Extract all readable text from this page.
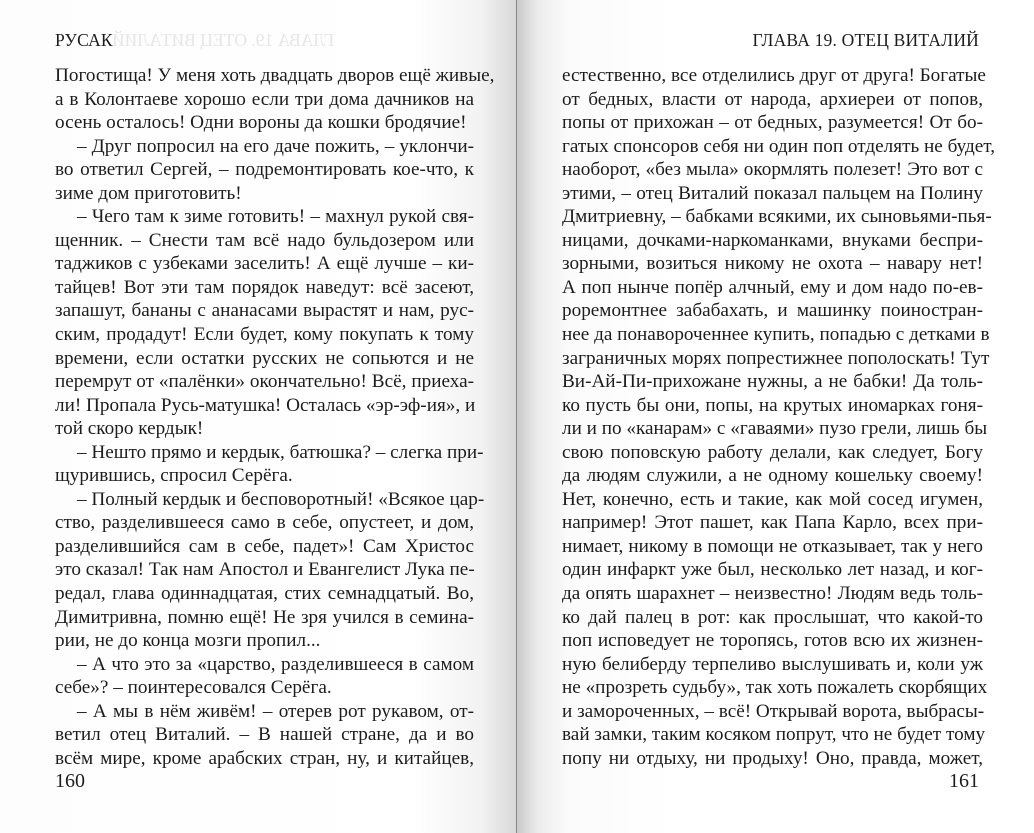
ГЛАВА 19. ОТЕЦ ВИТАЛИЙ
РУСАК
Погостища! У меня хоть двадцать дворов ещё живые,
а в Колонтаеве хорошо если три дома дачников на
осень осталось! Одни вороны да кошки бродячие!
– Друг попросил на его даче пожить, – уклончи-
во ответил Сергей, – подремонтировать кое-что, к
зиме дом приготовить!
– Чего там к зиме готовить! – махнул рукой свя-
щенник. – Снести там всё надо бульдозером или
таджиков с узбеками заселить! А ещё лучше – ки-
тайцев! Вот эти там порядок наведут: всё засеют,
запашут, бананы с ананасами вырастят и нам, рус-
ским, продадут! Если будет, кому покупать к тому
времени, если остатки русских не сопьются и не
перемрут от «палёнки» окончательно! Всё, приеха-
ли! Пропала Русь-матушка! Осталась «эр-эф-ия», и
той скоро кердык!
– Нешто прямо и кердык, батюшка? – слегка при-
щурившись, спросил Серёга.
– Полный кердык и бесповоротный! «Всякое цар-
ство, разделившееся само в себе, опустеет, и дом,
разделившийся сам в себе, падет»! Сам Христос
это сказал! Так нам Апостол и Евангелист Лука пе-
редал, глава одиннадцатая, стих семнадцатый. Во,
Димитривна, помню ещё! Не зря учился в семина-
рии, не до конца мозги пропил...
– А что это за «царство, разделившееся в самом
себе»? – поинтересовался Серёга.
– А мы в нём живём! – отерев рот рукавом, от-
ветил отец Виталий. – В нашей стране, да и во
всём мире, кроме арабских стран, ну, и китайцев,
160
ГЛАВА 19. ОТЕЦ ВИТАЛИЙ
естественно, все отделились друг от друга! Богатые
от бедных, власти от народа, архиереи от попов,
попы от прихожан – от бедных, разумеется! От бо-
гатых спонсоров себя ни один поп отделять не будет,
наоборот, «без мыла» окормлять полезет! Это вот с
этими, – отец Виталий показал пальцем на Полину
Дмитриевну, – бабками всякими, их сыновьями-пья-
ницами, дочками-наркоманками, внуками беспри-
зорными, возиться никому не охота – навару нет!
А поп нынче попёр алчный, ему и дом надо по-ев-
роремонтнее забабахать, и машинку поиностран-
нее да понавороченнее купить, попадью с детками в
заграничных морях попрестижнее пополоскать! Тут
Ви-Ай-Пи-прихожане нужны, а не бабки! Да толь-
ко пусть бы они, попы, на крутых иномарках гоня-
ли и по «канарам» с «гаваями» пузо грели, лишь бы
свою поповскую работу делали, как следует, Богу
да людям служили, а не одному кошельку своему!
Нет, конечно, есть и такие, как мой сосед игумен,
например! Этот пашет, как Папа Карло, всех при-
нимает, никому в помощи не отказывает, так у него
один инфаркт уже был, несколько лет назад, и ког-
да опять шарахнет – неизвестно! Людям ведь толь-
ко дай палец в рот: как прослышат, что какой-то
поп исповедует не торопясь, готов всю их жизнен-
ную белиберду терпеливо выслушивать и, коли уж
не «прозреть судьбу», так хоть пожалеть скорбящих
и замороченных, – всё! Открывай ворота, выбрасы-
вай замки, таким косяком попрут, что не будет тому
попу ни отдыху, ни продыху! Оно, правда, может,
161
